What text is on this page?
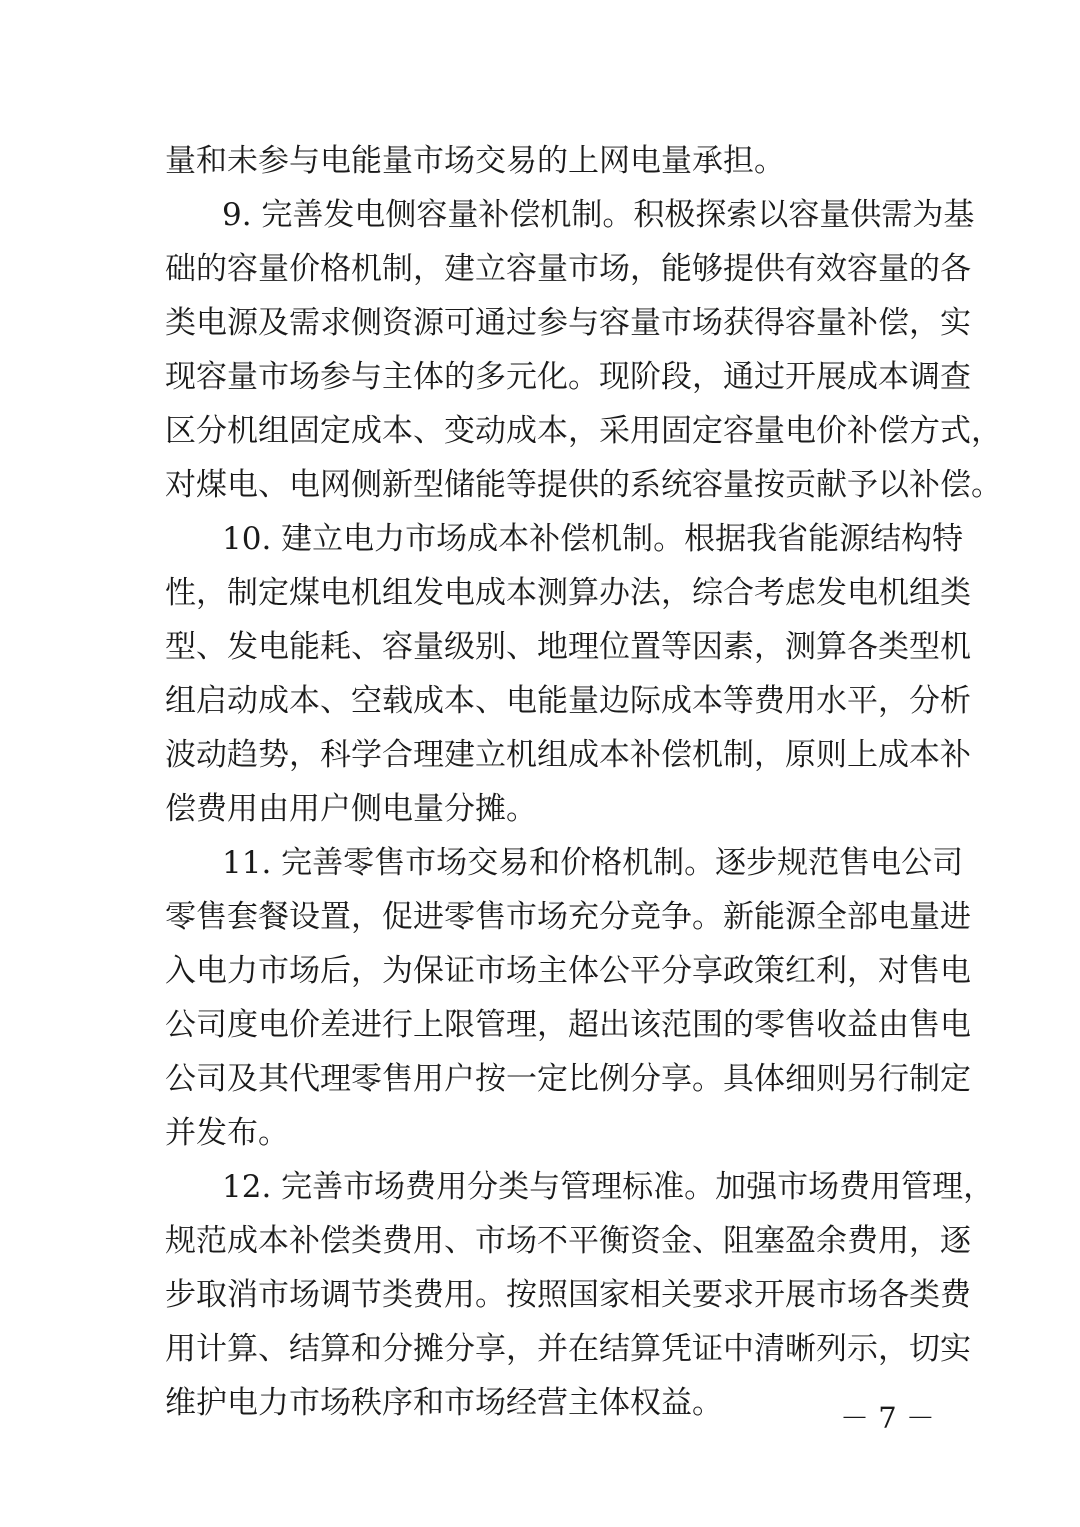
量和未参与电能量市场交易的上网电量承担。
9. 完善发电侧容量补偿机制。积极探索以容量供需为基
础的容量价格机制，建立容量市场，能够提供有效容量的各
类电源及需求侧资源可通过参与容量市场获得容量补偿，实
现容量市场参与主体的多元化。现阶段，通过开展成本调查
区分机组固定成本、变动成本，采用固定容量电价补偿方式，
对煤电、电网侧新型储能等提供的系统容量按贡献予以补偿。
10. 建立电力市场成本补偿机制。根据我省能源结构特
性，制定煤电机组发电成本测算办法，综合考虑发电机组类
型、发电能耗、容量级别、地理位置等因素，测算各类型机
组启动成本、空载成本、电能量边际成本等费用水平，分析
波动趋势，科学合理建立机组成本补偿机制，原则上成本补
偿费用由用户侧电量分摊。
11. 完善零售市场交易和价格机制。逐步规范售电公司
零售套餐设置，促进零售市场充分竞争。新能源全部电量进
入电力市场后，为保证市场主体公平分享政策红利，对售电
公司度电价差进行上限管理，超出该范围的零售收益由售电
公司及其代理零售用户按一定比例分享。具体细则另行制定
并发布。
12. 完善市场费用分类与管理标准。加强市场费用管理，
规范成本补偿类费用、市场不平衡资金、阻塞盈余费用，逐
步取消市场调节类费用。按照国家相关要求开展市场各类费
用计算、结算和分摊分享，并在结算凭证中清晰列示，切实
维护电力市场秩序和市场经营主体权益。	－ 7 －
